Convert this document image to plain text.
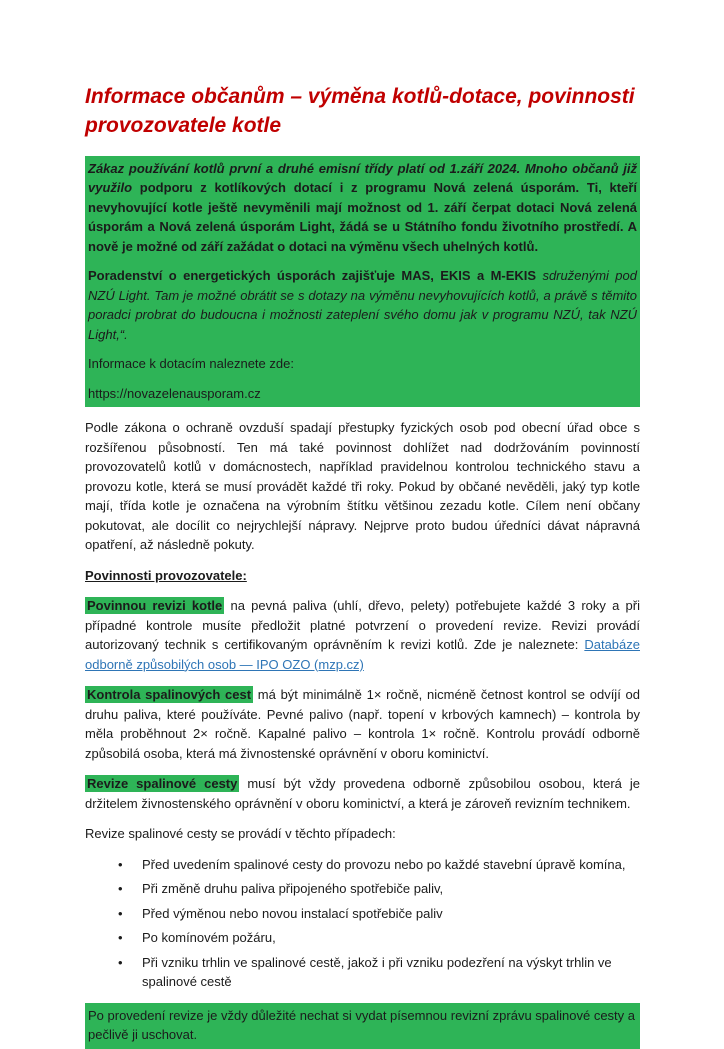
Informace občanům – výměna kotlů-dotace, povinnosti provozovatele kotle

Zákaz používání kotlů první a druhé emisní třídy platí od 1.září 2024. Mnoho občanů již využilo podporu z kotlíkových dotací i z programu Nová zelená úsporám. Ti, kteří nevyhovující kotle ještě nevyměnili mají možnost od 1. září čerpat dotaci Nová zelená úsporám a Nová zelená úsporám Light, žádá se u Státního fondu životního prostředí. A nově je možné od září zažádat o dotaci na výměnu všech uhelných kotlů.

Poradenství o energetických úsporách zajišťuje MAS, EKIS a M-EKIS sdruženými pod NZÚ Light. Tam je možné obrátit se s dotazy na výměnu nevyhovujících kotlů, a právě s těmito poradci probrat do budoucna i možnosti zateplení svého domu jak v programu NZÚ, tak NZÚ Light,“.

Informace k dotacím naleznete zde:

https://novazelenausporam.cz

Podle zákona o ochraně ovzduší spadají přestupky fyzických osob pod obecní úřad obce s rozšířenou působností. Ten má také povinnost dohlížet nad dodržováním povinností provozovatelů kotlů v domácnostech, například pravidelnou kontrolou technického stavu a provozu kotle, která se musí provádět každé tři roky. Pokud by občané nevěděli, jaký typ kotle mají, třída kotle je označena na výrobním štítku většinou zezadu kotle. Cílem není občany pokutovat, ale docílit co nejrychlejší nápravy. Nejprve proto budou úředníci dávat nápravná opatření, až následně pokuty.

Povinnosti provozovatele:

Povinnou revizi kotle na pevná paliva (uhlí, dřevo, pelety) potřebujete každé 3 roky a při případné kontrole musíte předložit platné potvrzení o provedení revize. Revizi provádí autorizovaný technik s certifikovaným oprávněním k revizi kotlů. Zde je naleznete: Databáze odborně způsobilých osob — IPO OZO (mzp.cz)

Kontrola spalinových cest má být minimálně 1× ročně, nicméně četnost kontrol se odvíjí od druhu paliva, které používáte. Pevné palivo (např. topení v krbových kamnech) – kontrola by měla proběhnout 2× ročně. Kapalné palivo – kontrola 1× ročně. Kontrolu provádí odborně způsobilá osoba, která má živnostenské oprávnění v oboru kominictví.

Revize spalinové cesty musí být vždy provedena odborně způsobilou osobou, která je držitelem živnostenského oprávnění v oboru kominictví, a která je zároveň revizním technikem.

Revize spalinové cesty se provádí v těchto případech:

•	Před uvedením spalinové cesty do provozu nebo po každé stavební úpravě komína,
•	Při změně druhu paliva připojeného spotřebiče paliv,
•	Před výměnou nebo novou instalací spotřebiče paliv
•	Po komínovém požáru,
•	Při vzniku trhlin ve spalinové cestě, jakož i při vzniku podezření na výskyt trhlin ve spalinové cestě
Po provedení revize je vždy důležité nechat si vydat písemnou revizní zprávu spalinové cesty a pečlivě ji uschovat.
